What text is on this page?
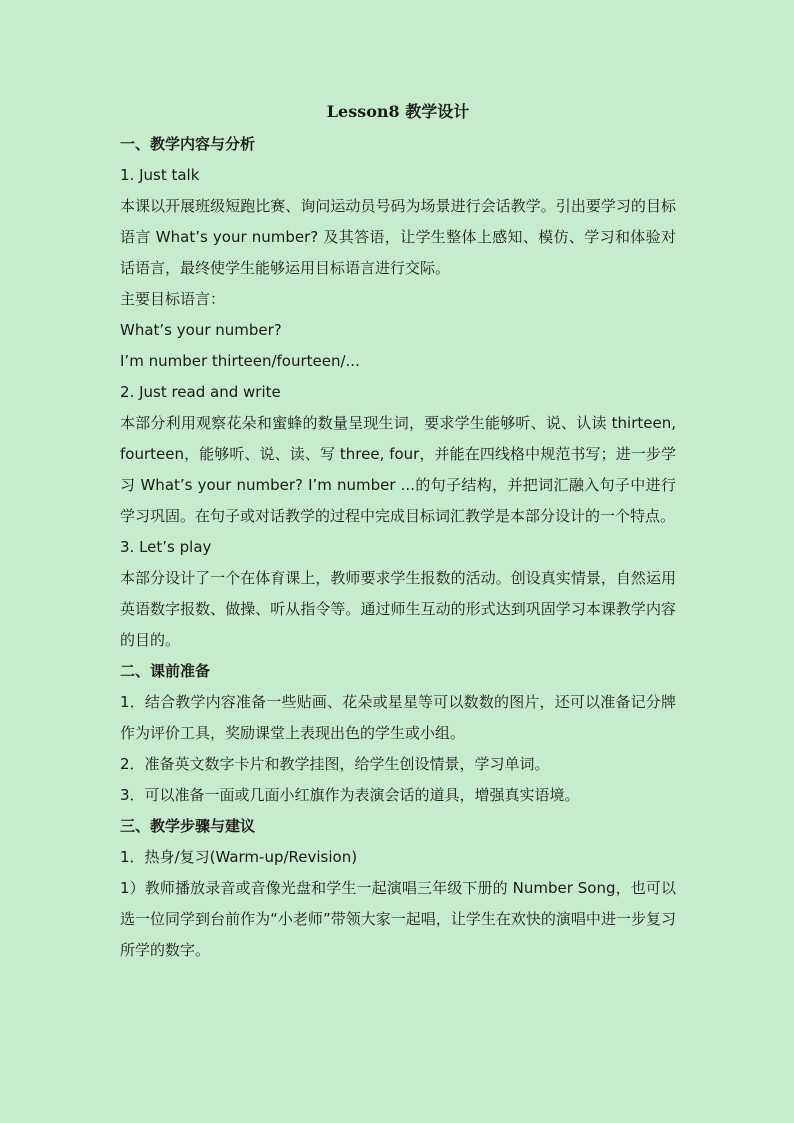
Lesson8 教学设计
一、教学内容与分析
1. Just talk
本课以开展班级短跑比赛、询问运动员号码为场景进行会话教学。引出要学习的目标语言 What’s your number? 及其答语，让学生整体上感知、模仿、学习和体验对话语言，最终使学生能够运用目标语言进行交际。
主要目标语言：
What’s your number?
I’m number thirteen/fourteen/...
2. Just read and write
本部分利用观察花朵和蜜蜂的数量呈现生词，要求学生能够听、说、认读 thirteen, fourteen，能够听、说、读、写 three, four，并能在四线格中规范书写；进一步学习 What’s your number? I’m number ...的句子结构，并把词汇融入句子中进行学习巩固。在句子或对话教学的过程中完成目标词汇教学是本部分设计的一个特点。
3. Let’s play
本部分设计了一个在体育课上，教师要求学生报数的活动。创设真实情景，自然运用英语数字报数、做操、听从指令等。通过师生互动的形式达到巩固学习本课教学内容的目的。
二、课前准备
1．结合教学内容准备一些贴画、花朵或星星等可以数数的图片，还可以准备记分牌作为评价工具，奖励课堂上表现出色的学生或小组。
2．准备英文数字卡片和教学挂图，给学生创设情景，学习单词。
3．可以准备一面或几面小红旗作为表演会话的道具，增强真实语境。
三、教学步骤与建议
1．热身/复习(Warm-up/Revision)
1）教师播放录音或音像光盘和学生一起演唱三年级下册的 Number Song，也可以选一位同学到台前作为“小老师”带领大家一起唱，让学生在欢快的演唱中进一步复习所学的数字。
